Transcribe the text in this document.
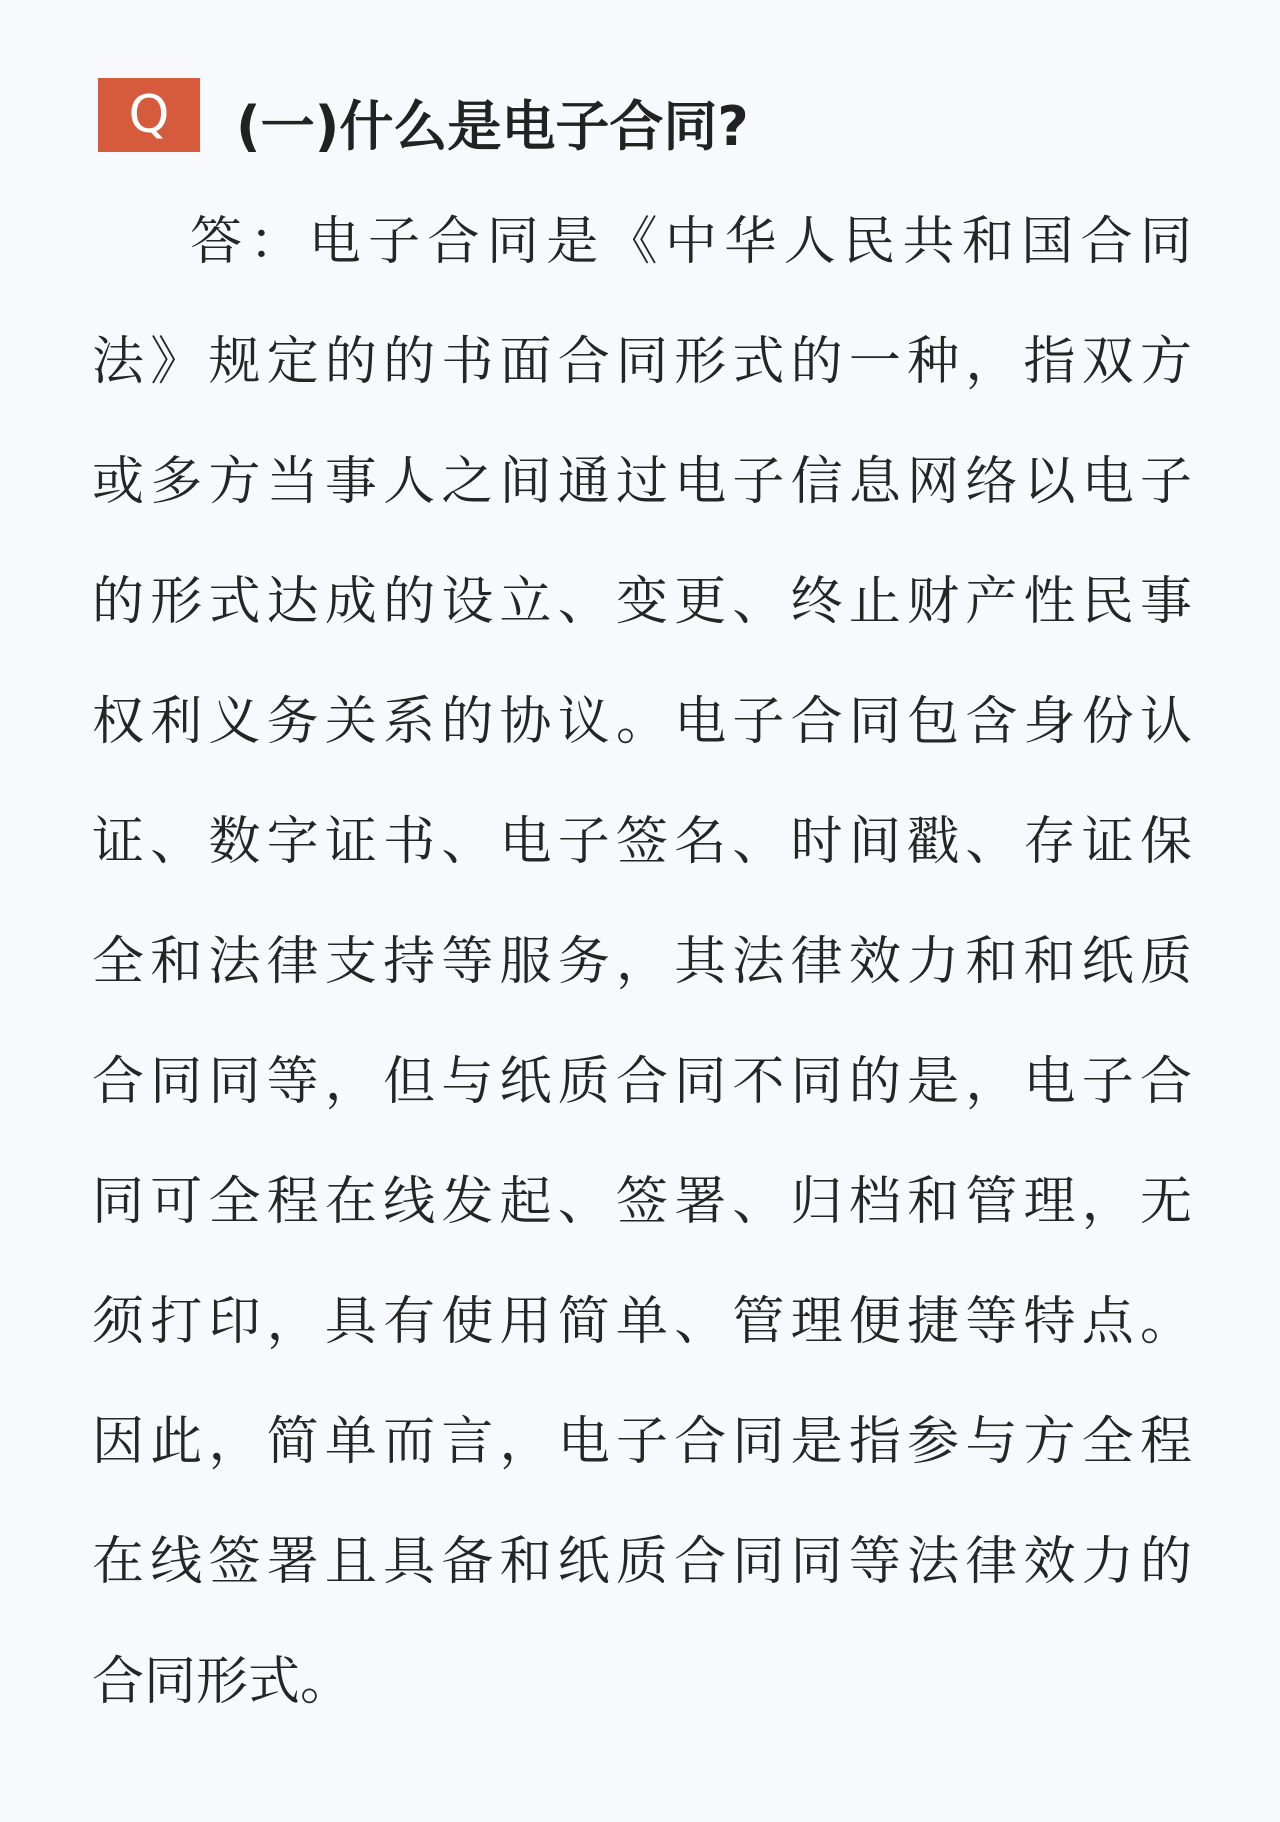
Q	(一)什么是电子合同?
答：电子合同是《中华人民共和国合同
法》规定的的书面合同形式的一种，指双方
或多方当事人之间通过电子信息网络以电子
的形式达成的设立、变更、终止财产性民事
权利义务关系的协议。电子合同包含身份认
证、数字证书、电子签名、时间戳、存证保
全和法律支持等服务，其法律效力和和纸质
合同同等，但与纸质合同不同的是，电子合
同可全程在线发起、签署、归档和管理，无
须打印，具有使用简单、管理便捷等特点。
因此，简单而言，电子合同是指参与方全程
在线签署且具备和纸质合同同等法律效力的
合同形式。
